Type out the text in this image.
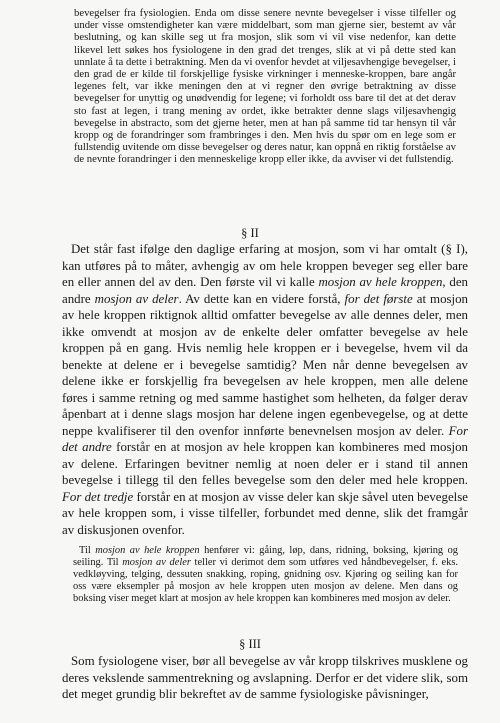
bevegelser fra fysiologien. Enda om disse senere nevnte bevegelser i visse tilfeller og under visse omstendigheter kan være middelbart, som man gjerne sier, bestemt av vår beslutning, og kan skille seg ut fra mosjon, slik som vi vil vise nedenfor, kan dette likevel lett søkes hos fysiologene in den grad det trenges, slik at vi på dette sted kan unnlate å ta dette i betraktning. Men da vi ovenfor hevdet at viljesavhengige bevegelser, i den grad de er kilde til forskjellige fysiske virkninger i menneske-kroppen, bare angår legenes felt, var ikke meningen den at vi regner den øvrige betraktning av disse bevegelser for unyttig og unødvendig for legene; vi forholdt oss bare til det at det derav sto fast at legen, i trang mening av ordet, ikke betrakter denne slags viljesavhengig bevegelse in abstracto, som det gjerne heter, men at han på samme tid tar hensyn til vår kropp og de forandringer som frambringes i den. Men hvis du spør om en lege som er fullstendig uvitende om disse bevegelser og deres natur, kan oppnå en riktig forståelse av de nevnte forandringer i den menneskelige kropp eller ikke, da avviser vi det fullstendig.

§ II

Det står fast ifølge den daglige erfaring at mosjon, som vi har omtalt (§ I), kan utføres på to måter, avhengig av om hele kroppen beveger seg eller bare en eller annen del av den. Den første vil vi kalle mosjon av hele kroppen, den andre mosjon av deler. Av dette kan en videre forstå, for det første at mosjon av hele kroppen riktignok alltid omfatter bevegelse av alle dennes deler, men ikke omvendt at mosjon av de enkelte deler omfatter bevegelse av hele kroppen på en gang. Hvis nemlig hele kroppen er i bevegelse, hvem vil da benekte at delene er i bevegelse samtidig? Men når denne bevegelsen av delene ikke er forskjellig fra bevegelsen av hele kroppen, men alle delene føres i samme retning og med samme hastighet som helheten, da følger derav åpenbart at i denne slags mosjon har delene ingen egenbevegelse, og at dette neppe kvalifiserer til den ovenfor innførte benevnelsen mosjon av deler. For det andre forstår en at mosjon av hele kroppen kan kombineres med mosjon av delene. Erfaringen bevitner nemlig at noen deler er i stand til annen bevegelse i tillegg til den felles bevegelse som den deler med hele kroppen. For det tredje forstår en at mosjon av visse deler kan skje såvel uten bevegelse av hele kroppen som, i visse tilfeller, forbundet med denne, slik det framgår av diskusjonen ovenfor.

Til mosjon av hele kroppen henfører vi: gåing, løp, dans, ridning, boksing, kjøring og seiling. Til mosjon av deler teller vi derimot dem som utføres ved håndbevegelser, f. eks. vedkløyving, telging, dessuten snakking, roping, gnidning osv. Kjøring og seiling kan for oss være eksempler på mosjon av hele kroppen uten mosjon av delene. Men dans og boksing viser meget klart at mosjon av hele kroppen kan kombineres med mosjon av deler.

§ III

Som fysiologene viser, bør all bevegelse av vår kropp tilskrives musklene og deres vekslende sammentrekning og avslapning. Derfor er det videre slik, som det meget grundig blir bekreftet av de samme fysiologiske påvisninger,
